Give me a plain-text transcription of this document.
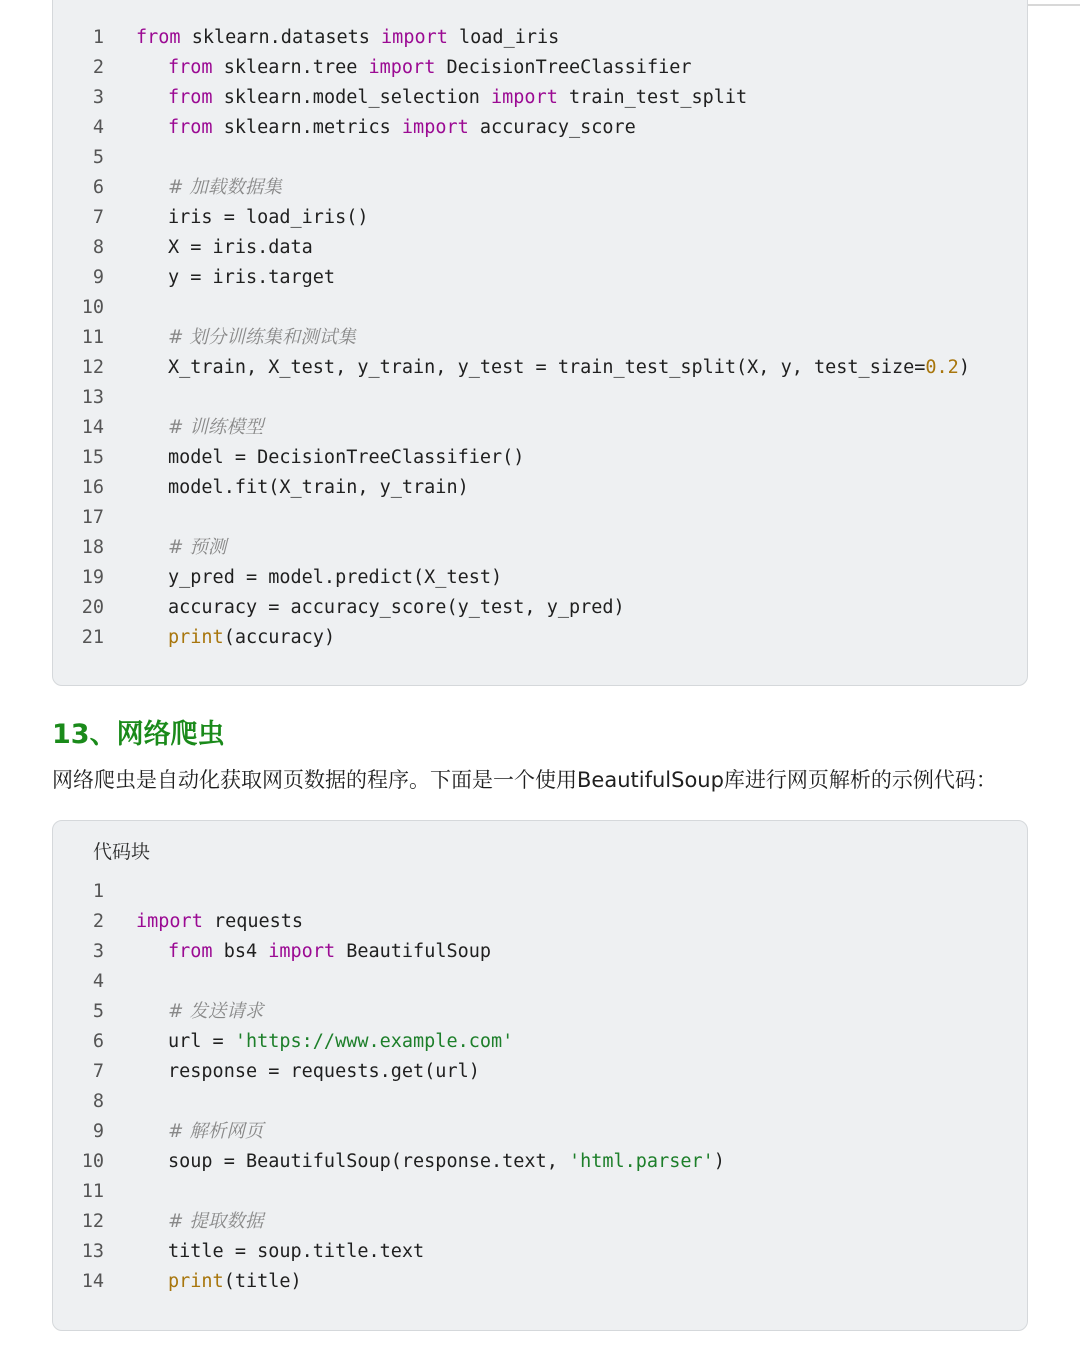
1 from sklearn.datasets import load_iris
2	from sklearn.tree import DecisionTreeClassifier
3	from sklearn.model_selection import train_test_split
4	from sklearn.metrics import accuracy_score
5
6	# 加载数据集
7	iris = load_iris()
8	X = iris.data
9	y = iris.target
10
11	# 划分训练集和测试集
12	X_train, X_test, y_train, y_test = train_test_split(X, y, test_size=0.2)
13
14	# 训练模型
15	model = DecisionTreeClassifier()
16	model.fit(X_train, y_train)
17
18	# 预测
19	y_pred = model.predict(X_test)
20	accuracy = accuracy_score(y_test, y_pred)
21	print(accuracy)
13、网络爬虫
网络爬虫是自动化获取网页数据的程序。下面是一个使用BeautifulSoup库进行网页解析的示例代码：
代码块
1
2 import requests
3	from bs4 import BeautifulSoup
4
5	# 发送请求
6	url = 'https://www.example.com'
7	response = requests.get(url)
8
9	# 解析网页
10	soup = BeautifulSoup(response.text, 'html.parser')
11
12	# 提取数据
13	title = soup.title.text
14	print(title)
